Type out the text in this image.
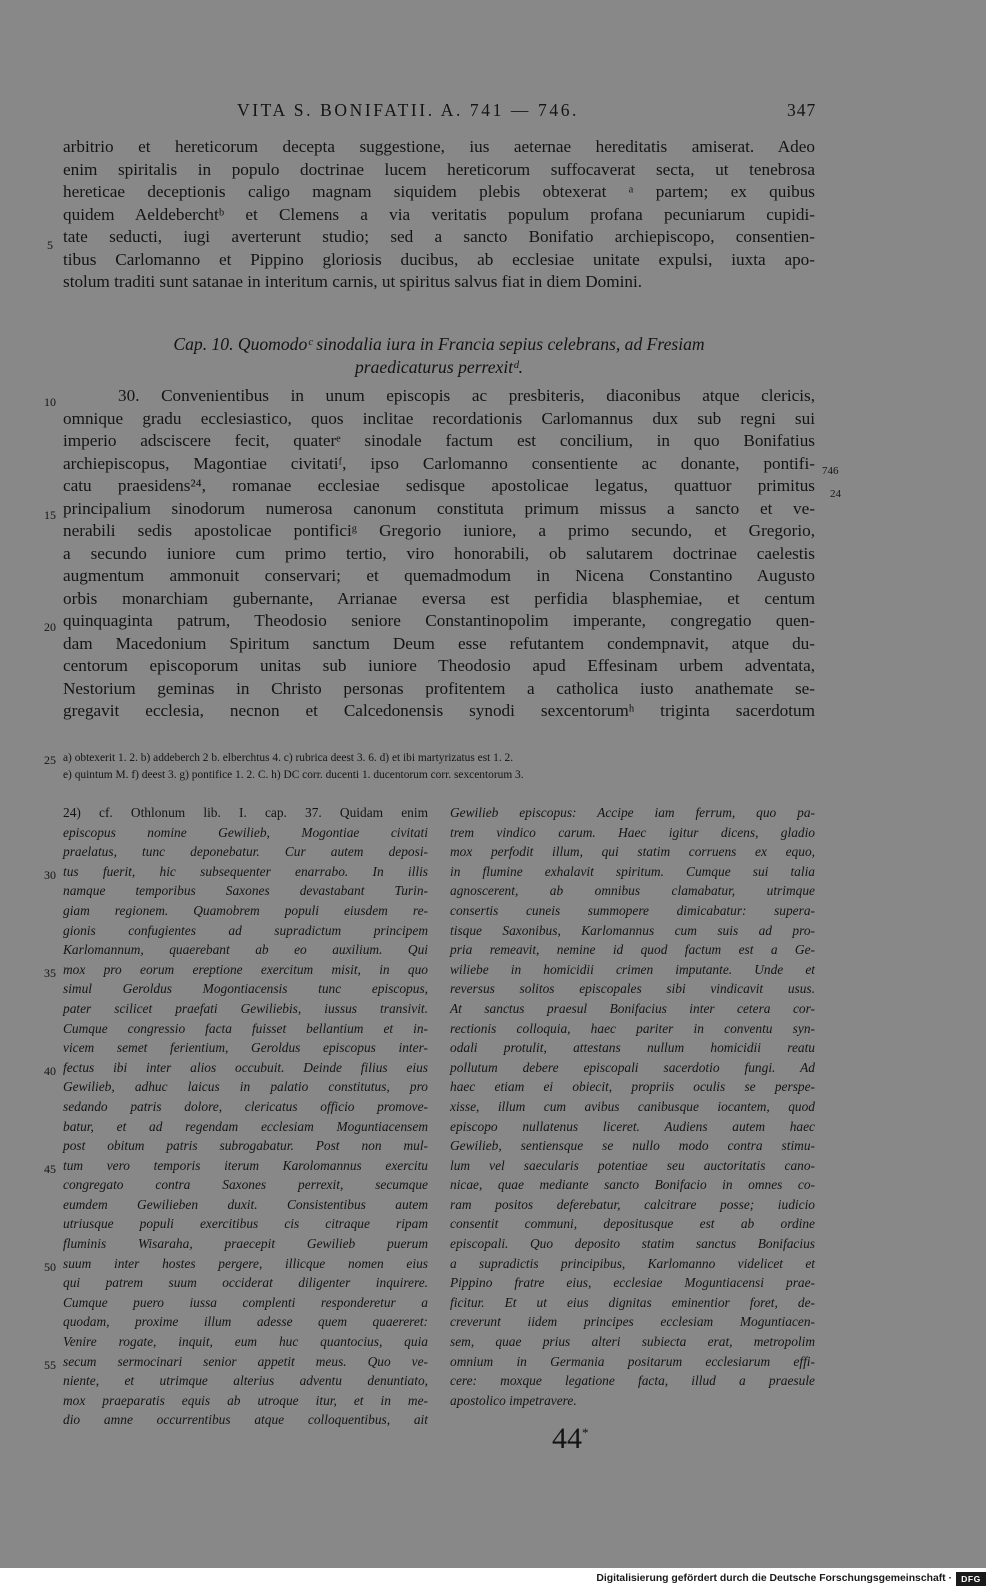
VITA S. BONIFATII. A. 741 — 746.	347
arbitrio et hereticorum decepta suggestione, ius aeternae hereditatis amiserat. Adeo
enim spiritalis in populo doctrinae lucem hereticorum suffocaverat secta, ut tenebrosa
hereticae deceptionis caligo magnam siquidem plebis obtexerat ᵃ partem; ex quibus
quidem Aeldeberchtᵇ et Clemens a via veritatis populum profana pecuniarum cupidi-
tate seducti, iugi averterunt studio; sed a sancto Bonifatio archiepiscopo, consentien-
tibus Carlomanno et Pippino gloriosis ducibus, ab ecclesiae unitate expulsi, iuxta apo-
stolum traditi sunt satanae in interitum carnis, ut spiritus salvus fiat in diem Domini.
Cap. 10. Quomodoᶜ sinodalia iura in Francia sepius celebrans, ad Fresiam
praedicaturus perrexitᵈ.
30. Convenientibus in unum episcopis ac presbiteris, diaconibus atque clericis,
omnique gradu ecclesiastico, quos inclitae recordationis Carlomannus dux sub regni sui
imperio adsciscere fecit, quaterᵉ sinodale factum est concilium, in quo Bonifatius
archiepiscopus, Magontiae civitatiᶠ, ipso Carlomanno consentiente ac donante, pontifi-
catu praesidens²⁴, romanae ecclesiae sedisque apostolicae legatus, quattuor primitus
principalium sinodorum numerosa canonum constituta primum missus a sancto et ve-
nerabili sedis apostolicae pontificiᵍ Gregorio iuniore, a primo secundo, et Gregorio,
a secundo iuniore cum primo tertio, viro honorabili, ob salutarem doctrinae caelestis
augmentum ammonuit conservari; et quemadmodum in Nicena Constantino Augusto
orbis monarchiam gubernante, Arrianae eversa est perfidia blasphemiae, et centum
quinquaginta patrum, Theodosio seniore Constantinopolim imperante, congregatio quen-
dam Macedonium Spiritum sanctum Deum esse refutantem condempnavit, atque du-
centorum episcoporum unitas sub iuniore Theodosio apud Effesinam urbem adventata,
Nestorium geminas in Christo personas profitentem a catholica iusto anathemate se-
gregavit ecclesia, necnon et Calcedonensis synodi sexcentorumʰ triginta sacerdotum
5
10
15
20
25
30
35
40
45
50
55
746
24
a) obtexerit 1. 2. b) addeberch 2 b. elberchtus 4. c) rubrica deest 3. 6. d) et ibi martyrizatus est 1. 2.
e) quintum M. f) deest 3. g) pontifice 1. 2. C. h) DC corr. ducenti 1. ducentorum corr. sexcentorum 3.
24) cf. Othlonum lib. I. cap. 37. Quidam enim
episcopus nomine Gewilieb, Mogontiae civitati
praelatus, tunc deponebatur. Cur autem deposi-
tus fuerit, hic subsequenter enarrabo. In illis
namque temporibus Saxones devastabant Turin-
giam regionem. Quamobrem populi eiusdem re-
gionis confugientes ad supradictum principem
Karlomannum, quaerebant ab eo auxilium. Qui
mox pro eorum ereptione exercitum misit, in quo
simul Geroldus Mogontiacensis tunc episcopus,
pater scilicet praefati Gewiliebis, iussus transivit.
Cumque congressio facta fuisset bellantium et in-
vicem semet ferientium, Geroldus episcopus inter-
fectus ibi inter alios occubuit. Deinde filius eius
Gewilieb, adhuc laicus in palatio constitutus, pro
sedando patris dolore, clericatus officio promove-
batur, et ad regendam ecclesiam Moguntiacensem
post obitum patris subrogabatur. Post non mul-
tum vero temporis iterum Karolomannus exercitu
congregato contra Saxones perrexit, secumque
eumdem Gewilieben duxit. Consistentibus autem
utriusque populi exercitibus cis citraque ripam
fluminis Wisaraha, praecepit Gewilieb puerum
suum inter hostes pergere, illicque nomen eius
qui patrem suum occiderat diligenter inquirere.
Cumque puero iussa complenti responderetur a
quodam, proxime illum adesse quem quaereret:
Venire rogate, inquit, eum huc quantocius, quia
secum sermocinari senior appetit meus. Quo ve-
niente, et utrimque alterius adventu denuntiato,
mox praeparatis equis ab utroque itur, et in me-
dio amne occurrentibus atque colloquentibus, ait
Gewilieb episcopus: Accipe iam ferrum, quo pa-
trem vindico carum. Haec igitur dicens, gladio
mox perfodit illum, qui statim corruens ex equo,
in flumine exhalavit spiritum. Cumque sui talia
agnoscerent, ab omnibus clamabatur, utrimque
consertis cuneis summopere dimicabatur: supera-
tisque Saxonibus, Karlomannus cum suis ad pro-
pria remeavit, nemine id quod factum est a Ge-
wiliebe in homicidii crimen imputante. Unde et
reversus solitos episcopales sibi vindicavit usus.
At sanctus praesul Bonifacius inter cetera cor-
rectionis colloquia, haec pariter in conventu syn-
odali protulit, attestans nullum homicidii reatu
pollutum debere episcopali sacerdotio fungi. Ad
haec etiam ei obiecit, propriis oculis se perspe-
xisse, illum cum avibus canibusque iocantem, quod
episcopo nullatenus liceret. Audiens autem haec
Gewilieb, sentiensque se nullo modo contra stimu-
lum vel saecularis potentiae seu auctoritatis cano-
nicae, quae mediante sancto Bonifacio in omnes co-
ram positos deferebatur, calcitrare posse; iudicio
consentit communi, depositusque est ab ordine
episcopali. Quo deposito statim sanctus Bonifacius
a supradictis principibus, Karlomanno videlicet et
Pippino fratre eius, ecclesiae Moguntiacensi prae-
ficitur. Et ut eius dignitas eminentior foret, de-
creverunt iidem principes ecclesiam Moguntiacen-
sem, quae prius alteri subiecta erat, metropolim
omnium in Germania positarum ecclesiarum effi-
cere: moxque legatione facta, illud a praesule
apostolico impetravere.
44*
Digitalisierung gefördert durch die Deutsche Forschungsgemeinschaft ·	DFG
